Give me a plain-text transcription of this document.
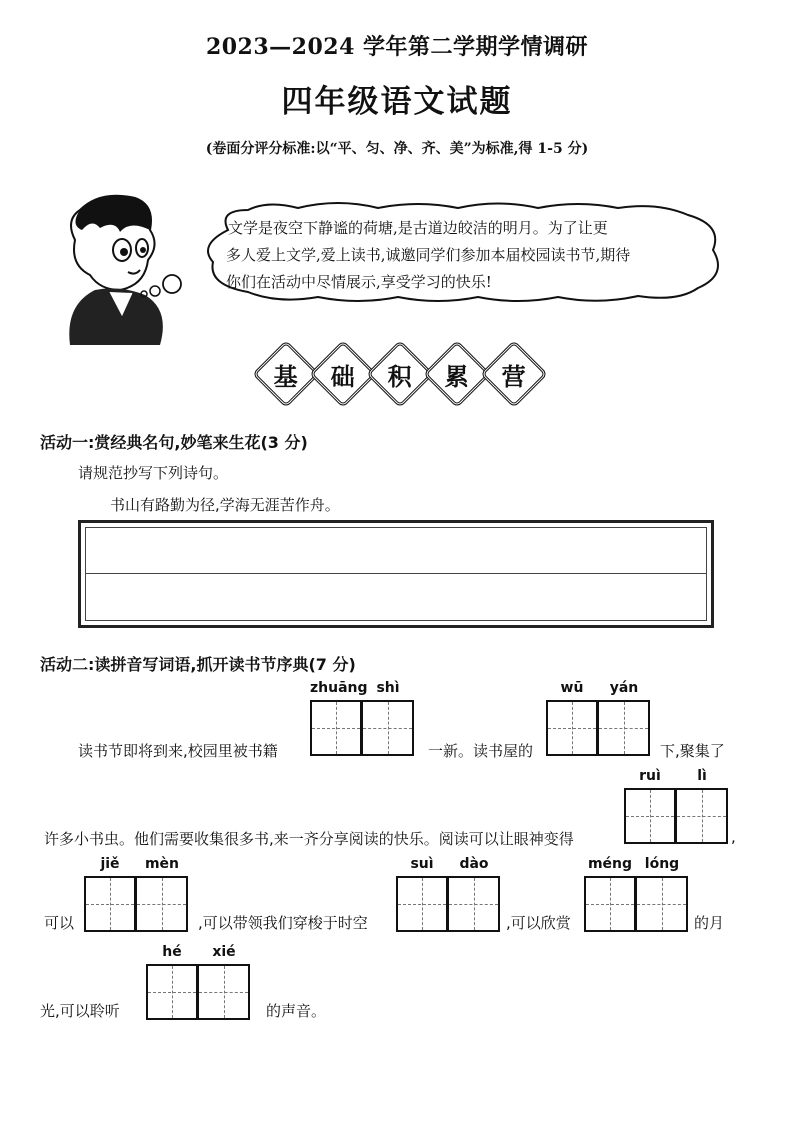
2023—2024 学年第二学期学情调研
四年级语文试题
(卷面分评分标准:以“平、匀、净、齐、美”为标准,得 1-5 分)
文学是夜空下静谧的荷塘,是古道边皎洁的明月。为了让更
多人爱上文学,爱上读书,诚邀同学们参加本届校园读书节,期待
你们在活动中尽情展示,享受学习的快乐!
基 础 积 累 营
活动一:赏经典名句,妙笔来生花(3 分)
请规范抄写下列诗句。
书山有路勤为径,学海无涯苦作舟。
活动二:读拼音写词语,抓开读书节序典(7 分)
zhuāng shì	wū	yán
读书节即将到来,校园里被书籍	一新。读书屋的	下,聚集了
ruì	lì
许多小书虫。他们需要收集很多书,来一齐分享阅读的快乐。阅读可以让眼神变得	,
jiě	mèn	suì	dào	méng lóng
可以	,可以带领我们穿梭于时空	,可以欣赏	的月
hé	xié
光,可以聆听	的声音。
